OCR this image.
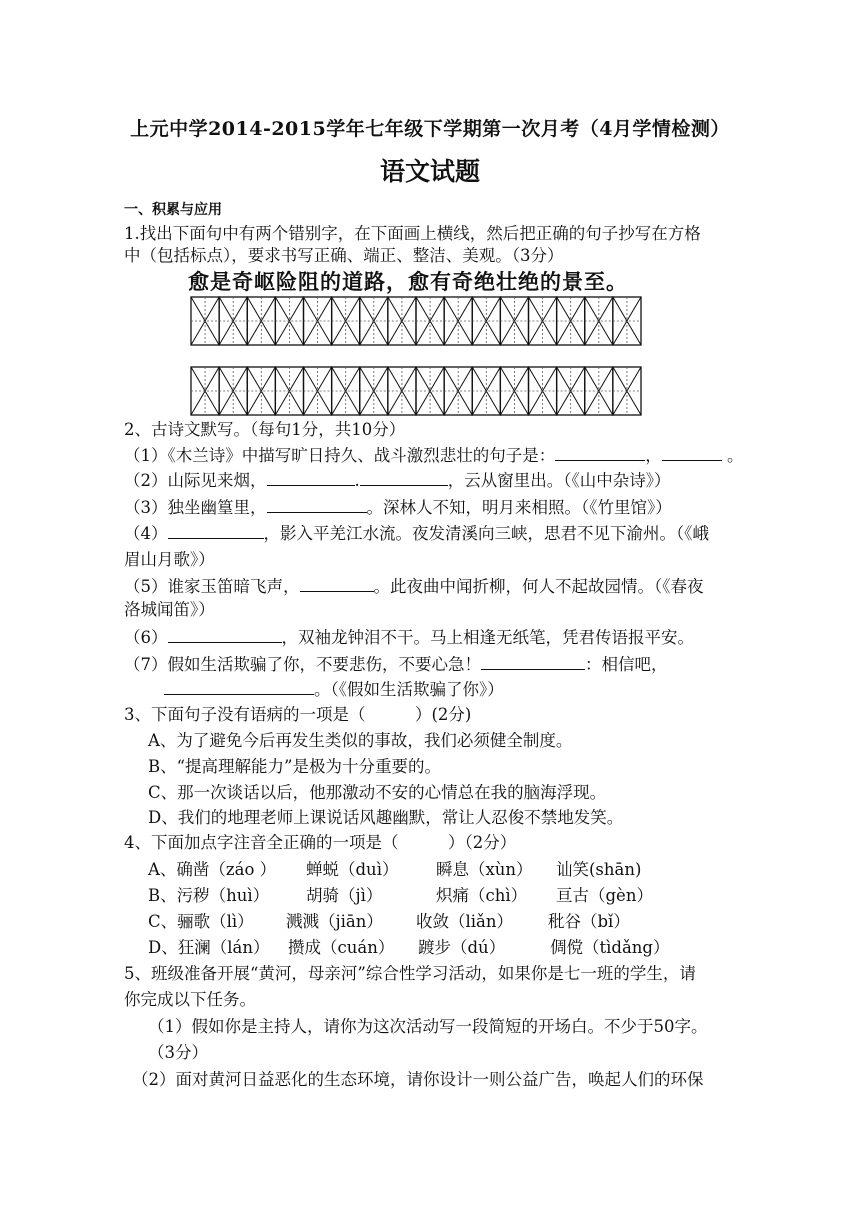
上元中学2014-2015学年七年级下学期第一次月考（4月学情检测）
语文试题
一、积累与应用
1.找出下面句中有两个错别字，在下面画上横线，然后把正确的句子抄写在方格
中（包括标点），要求书写正确、端正、整洁、美观。（3分）
愈是奇岖险阻的道路，愈有奇绝壮绝的景至。
2、古诗文默写。（每句1分，共10分）
（1）《木兰诗》中描写旷日持久、战斗激烈悲壮的句子是：	，	。
（2）山际见来烟，	.	，云从窗里出。（《山中杂诗》）
（3）独坐幽篁里，	。深林人不知，明月来相照。（《竹里馆》）
（4）	，影入平羌江水流。夜发清溪向三峡，思君不见下渝州。（《峨
眉山月歌》）
（5）谁家玉笛暗飞声，	。此夜曲中闻折柳，何人不起故园情。（《春夜
洛城闻笛》）
（6）	，双袖龙钟泪不干。马上相逢无纸笔，凭君传语报平安。
（7）假如生活欺骗了你，不要悲伤，不要心急！	：相信吧，
。（《假如生活欺骗了你》）
3、下面句子没有语病的一项是（　　　）(2分)
A、为了避免今后再发生类似的事故，我们必须健全制度。
B、“提高理解能力”是极为十分重要的。
C、那一次谈话以后，他那激动不安的心情总在我的脑海浮现。
D、我们的地理老师上课说话风趣幽默，常让人忍俊不禁地发笑。
4、下面加点字注音全正确的一项是（　　　）（2分）
A、确凿（záo ） 蝉蜕（duì） 瞬息（xùn） 讪笑(shān)
B、污秽（huì） 胡骑（jì）	炽痛（chì） 亘古（gèn）
C、骊歌（lì） 溅溅（jiān） 收敛（liǎn） 秕谷（bǐ）
D、狂澜（lán） 攒成（cuán） 踱步（dú）	倜傥（tìdǎng）
5、班级准备开展“黄河，母亲河”综合性学习活动，如果你是七一班的学生，请
你完成以下任务。
（1）假如你是主持人，请你为这次活动写一段简短的开场白。不少于50字。
（3分）
（2）面对黄河日益恶化的生态环境，请你设计一则公益广告，唤起人们的环保
